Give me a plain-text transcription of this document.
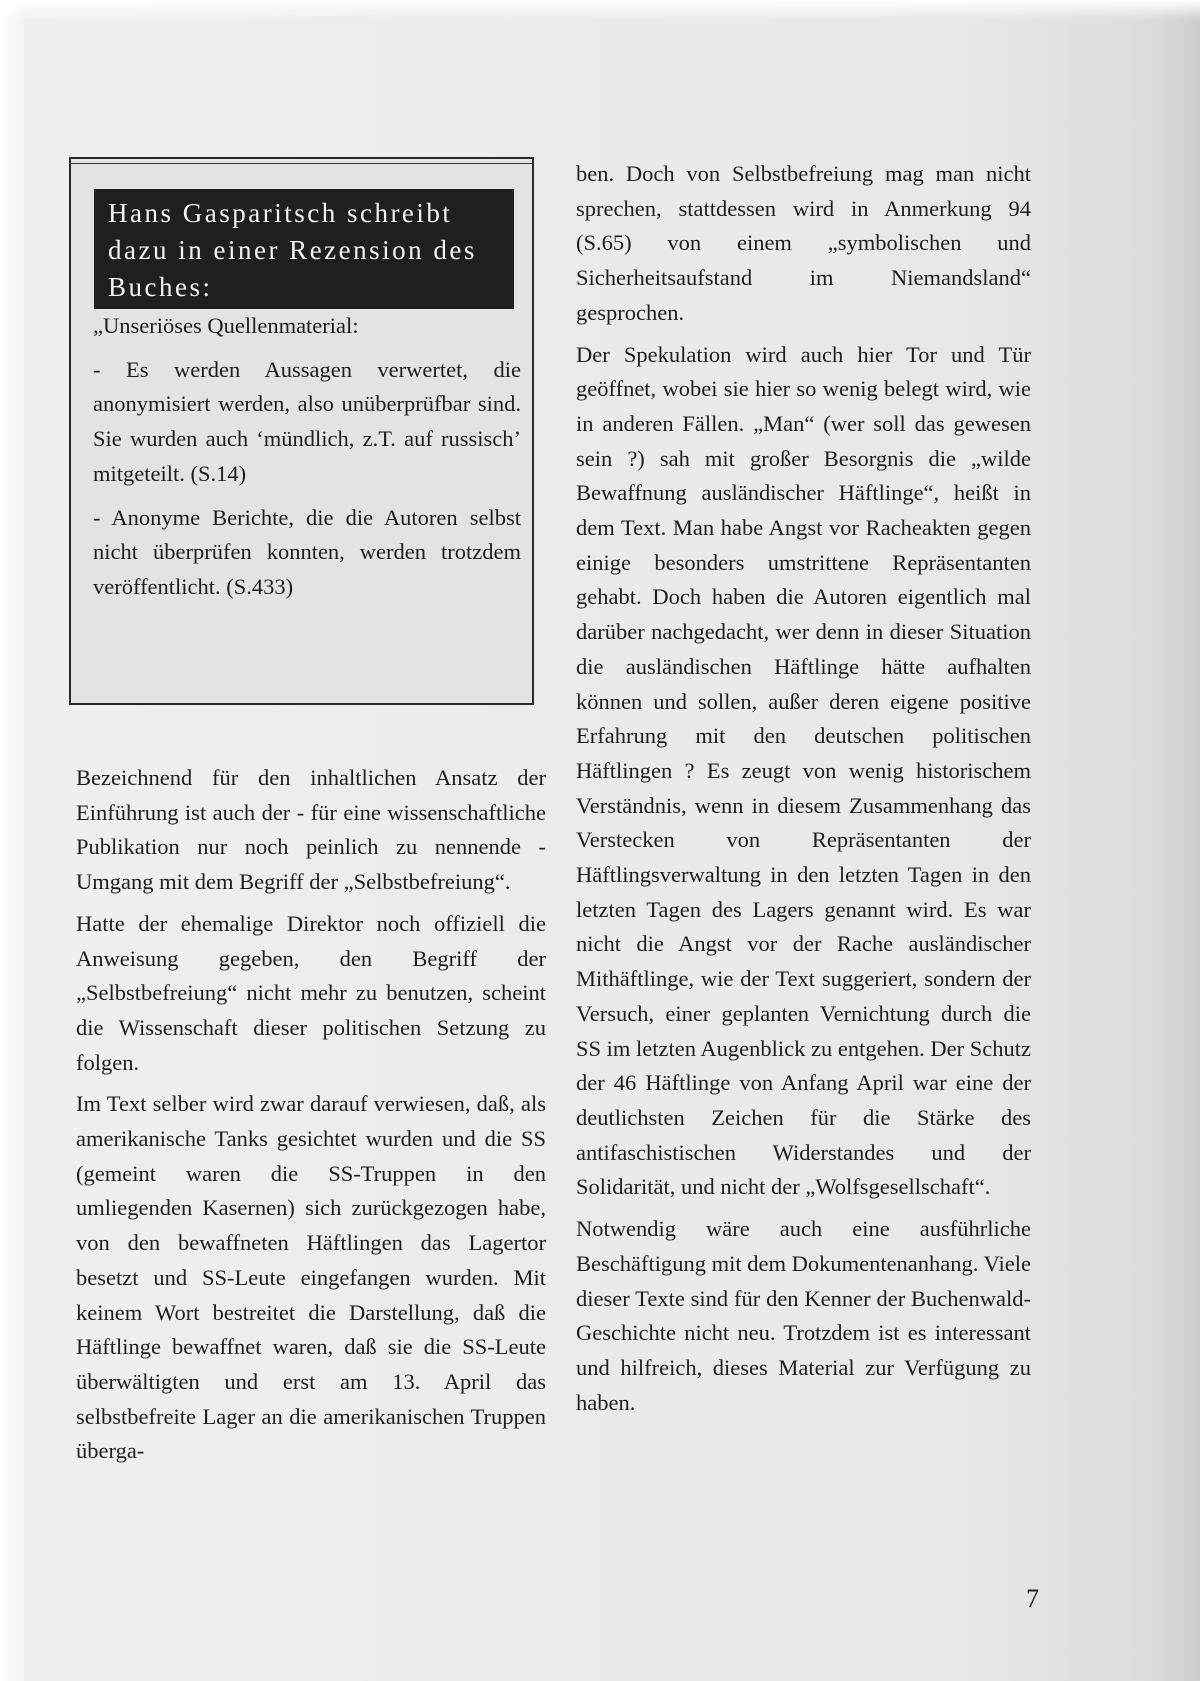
Hans Gasparitsch schreibt dazu in einer Rezension des Buches:

„Unseriöses Quellenmaterial:

- Es werden Aussagen verwertet, die anonymisiert werden, also unüberprüfbar sind. Sie wurden auch ‘mündlich, z.T. auf russisch’ mitgeteilt. (S.14)

- Anonyme Berichte, die die Autoren selbst nicht überprüfen konnten, werden trotzdem veröffentlicht. (S.433)

Bezeichnend für den inhaltlichen Ansatz der Einführung ist auch der - für eine wissenschaftliche Publikation nur noch peinlich zu nennende - Umgang mit dem Begriff der „Selbstbefreiung“.

Hatte der ehemalige Direktor noch offiziell die Anweisung gegeben, den Begriff der „Selbstbefreiung“ nicht mehr zu benutzen, scheint die Wissenschaft dieser politischen Setzung zu folgen.

Im Text selber wird zwar darauf verwiesen, daß, als amerikanische Tanks gesichtet wurden und die SS (gemeint waren die SS-Truppen in den umliegenden Kasernen) sich zurückgezogen habe, von den bewaffneten Häftlingen das Lagertor besetzt und SS-Leute eingefangen wurden. Mit keinem Wort bestreitet die Darstellung, daß die Häftlinge bewaffnet waren, daß sie die SS-Leute überwältigten und erst am 13. April das selbstbefreite Lager an die amerikanischen Truppen überga-

ben. Doch von Selbstbefreiung mag man nicht sprechen, stattdessen wird in Anmerkung 94 (S.65) von einem „symbolischen und Sicherheitsaufstand im Niemandsland“ gesprochen.

Der Spekulation wird auch hier Tor und Tür geöffnet, wobei sie hier so wenig belegt wird, wie in anderen Fällen. „Man“ (wer soll das gewesen sein ?) sah mit großer Besorgnis die „wilde Bewaffnung ausländischer Häftlinge“, heißt in dem Text. Man habe Angst vor Racheakten gegen einige besonders umstrittene Repräsentanten gehabt. Doch haben die Autoren eigentlich mal darüber nachgedacht, wer denn in dieser Situation die ausländischen Häftlinge hätte aufhalten können und sollen, außer deren eigene positive Erfahrung mit den deutschen politischen Häftlingen ? Es zeugt von wenig historischem Verständnis, wenn in diesem Zusammenhang das Verstecken von Repräsentanten der Häftlingsverwaltung in den letzten Tagen in den letzten Tagen des Lagers genannt wird. Es war nicht die Angst vor der Rache ausländischer Mithäftlinge, wie der Text suggeriert, sondern der Versuch, einer geplanten Vernichtung durch die SS im letzten Augenblick zu entgehen. Der Schutz der 46 Häftlinge von Anfang April war eine der deutlichsten Zeichen für die Stärke des antifaschistischen Widerstandes und der Solidarität, und nicht der „Wolfsgesellschaft“.

Notwendig wäre auch eine ausführliche Beschäftigung mit dem Dokumentenanhang. Viele dieser Texte sind für den Kenner der Buchenwald-Geschichte nicht neu. Trotzdem ist es interessant und hilfreich, dieses Material zur Verfügung zu haben.

7
